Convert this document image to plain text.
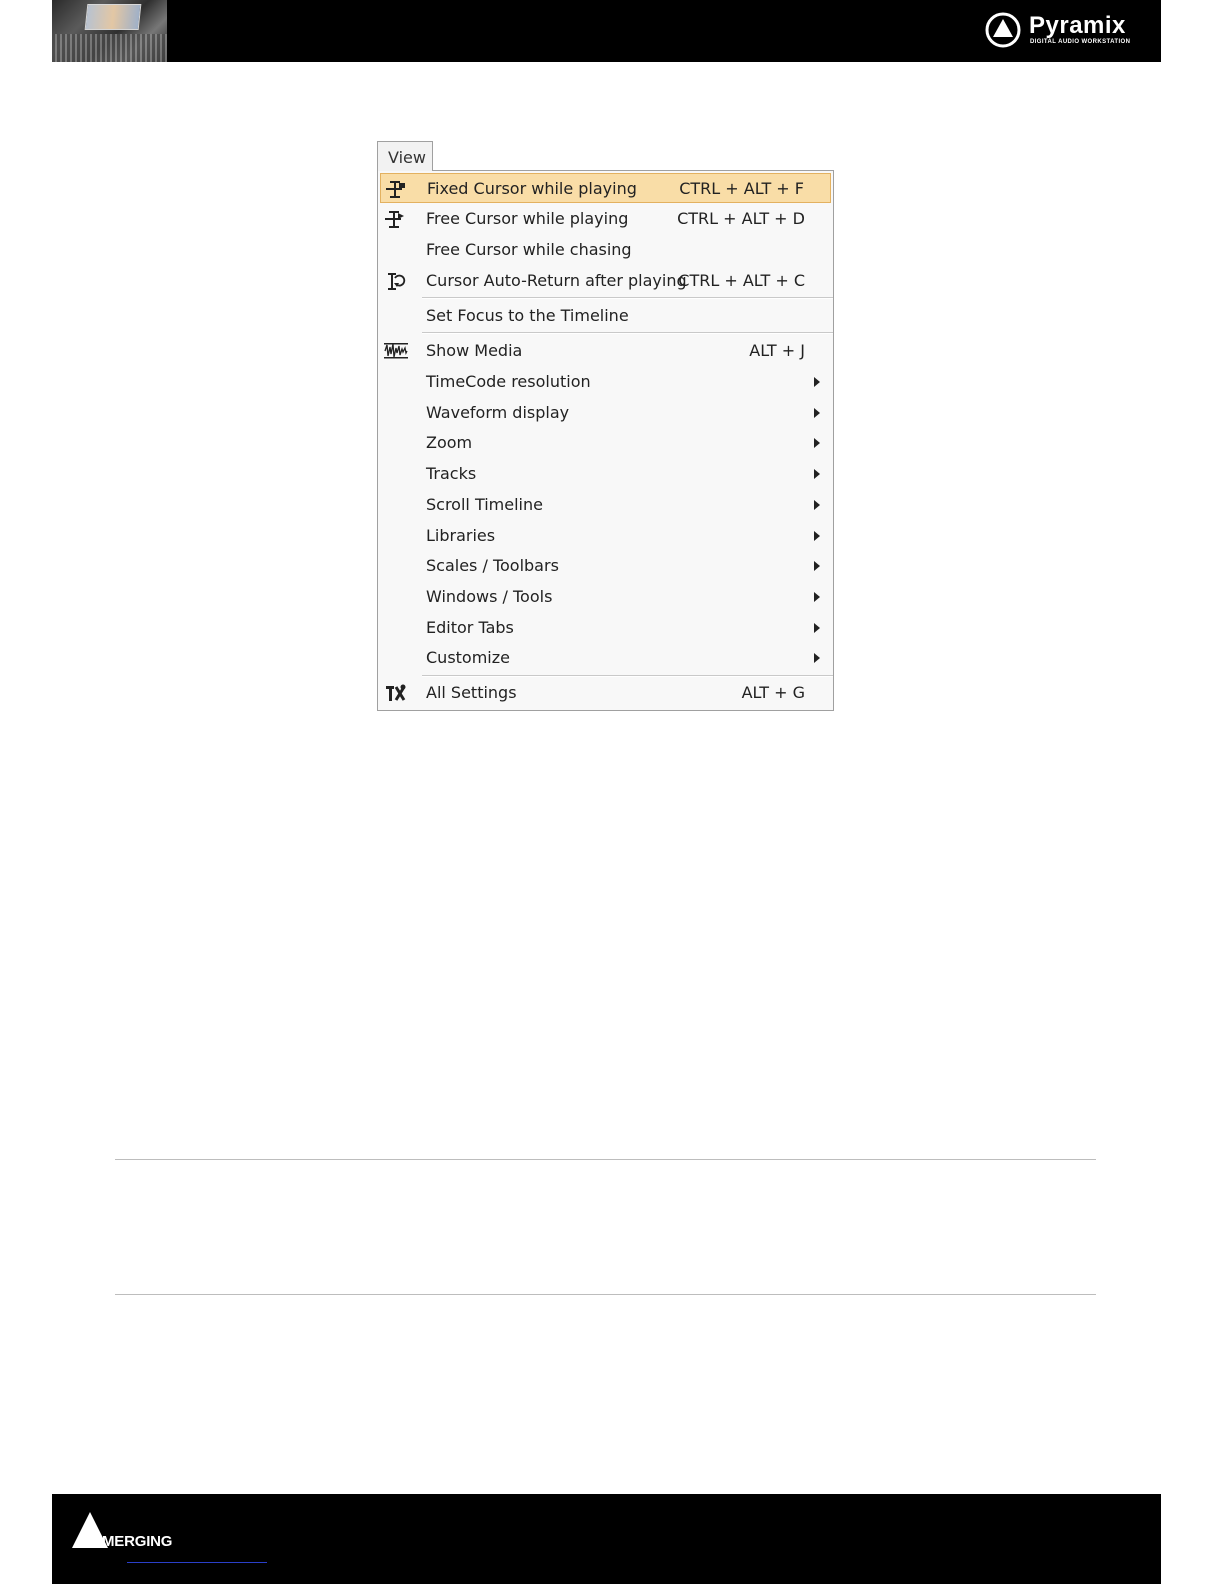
Pyramix
DIGITAL AUDIO WORKSTATION
View
Fixed Cursor while playing	CTRL + ALT + F
Free Cursor while playing	CTRL + ALT + D
Free Cursor while chasing
Cursor Auto-Return after playing
CTRL + ALT + C
Set Focus to the Timeline
Show Media	ALT + J
TimeCode resolution
Waveform display
Zoom
Tracks
Scroll Timeline
Libraries
Scales / Toolbars
Windows / Tools
Editor Tabs
Customize
All Settings	ALT + G
MERGING
